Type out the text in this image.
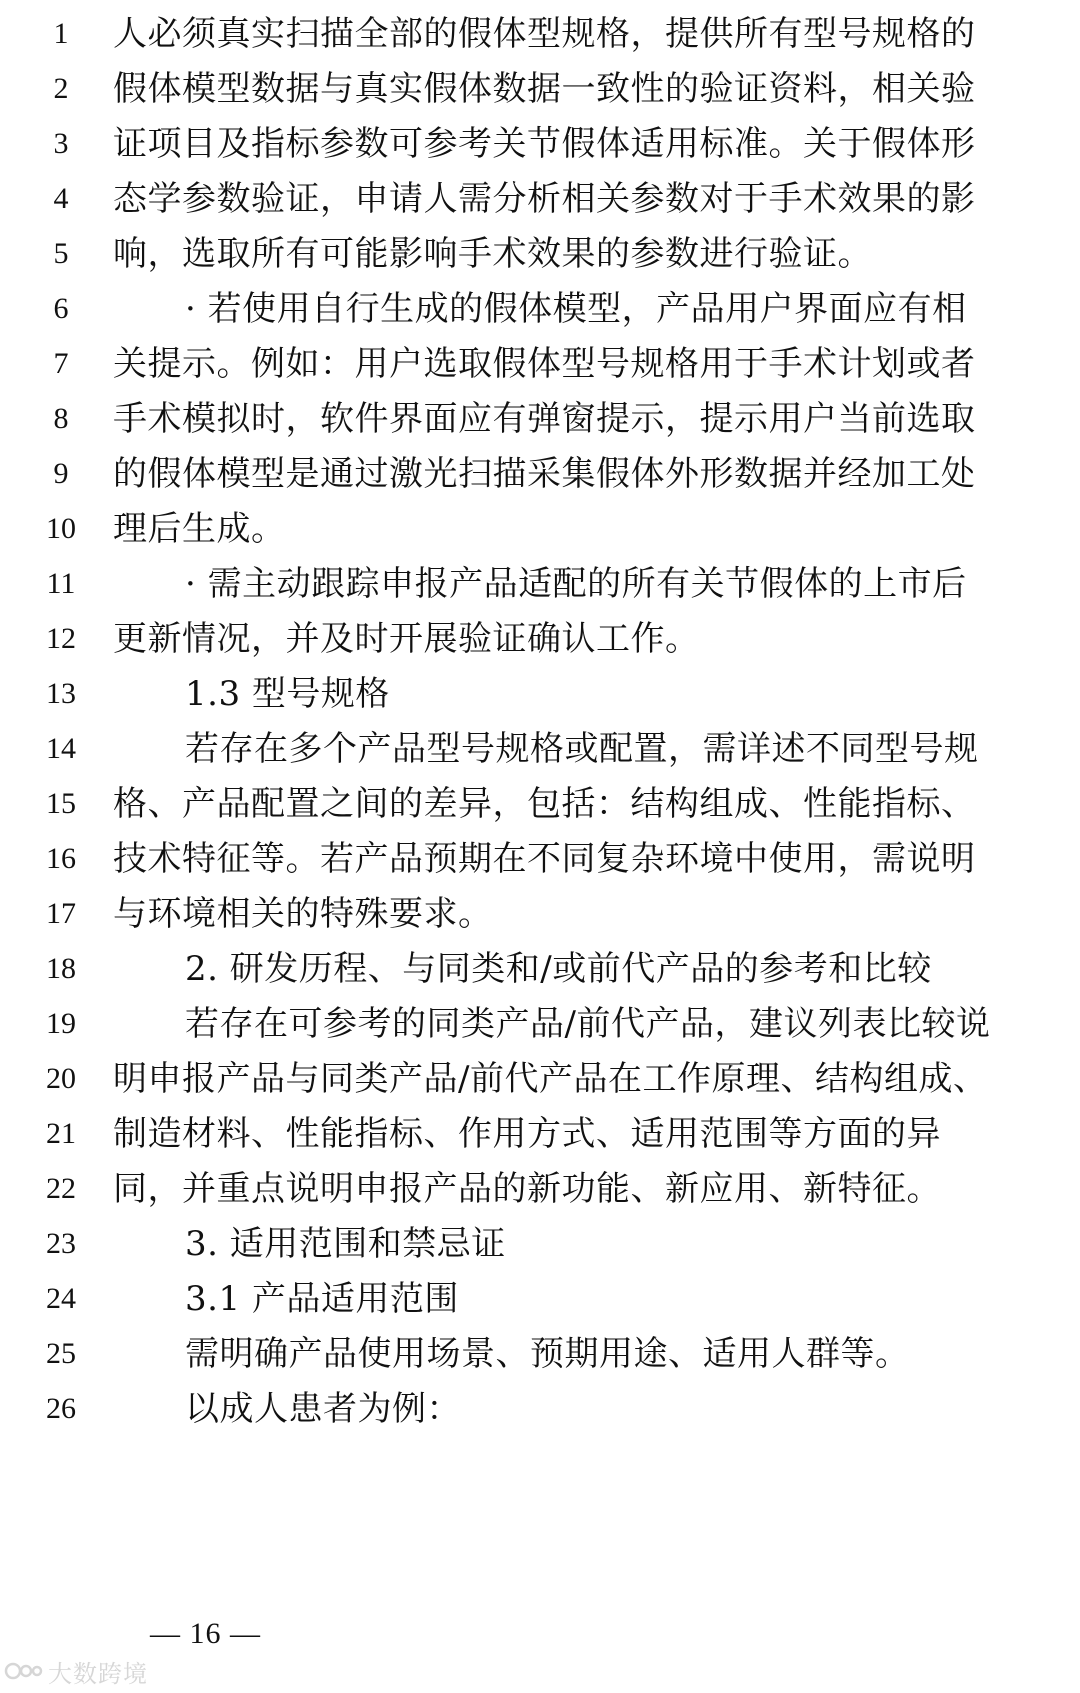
1	人必须真实扫描全部的假体型规格，提供所有型号规格的
2	假体模型数据与真实假体数据一致性的验证资料，相关验
3	证项目及指标参数可参考关节假体适用标准。关于假体形
4	态学参数验证，申请人需分析相关参数对于手术效果的影
5	响，选取所有可能影响手术效果的参数进行验证。
6	· 若使用自行生成的假体模型，产品用户界面应有相
7	关提示。例如：用户选取假体型号规格用于手术计划或者
8	手术模拟时，软件界面应有弹窗提示，提示用户当前选取
9	的假体模型是通过激光扫描采集假体外形数据并经加工处
10	理后生成。
11	· 需主动跟踪申报产品适配的所有关节假体的上市后
12	更新情况，并及时开展验证确认工作。
13	1.3 型号规格
14	若存在多个产品型号规格或配置，需详述不同型号规
15	格、产品配置之间的差异，包括：结构组成、性能指标、
16	技术特征等。若产品预期在不同复杂环境中使用，需说明
17	与环境相关的特殊要求。
18	2. 研发历程、与同类和/或前代产品的参考和比较
19	若存在可参考的同类产品/前代产品，建议列表比较说
20	明申报产品与同类产品/前代产品在工作原理、结构组成、
21	制造材料、性能指标、作用方式、适用范围等方面的异
22	同，并重点说明申报产品的新功能、新应用、新特征。
23	3. 适用范围和禁忌证
24	3.1 产品适用范围
25	需明确产品使用场景、预期用途、适用人群等。
26	以成人患者为例：
— 16 —
大数跨境
